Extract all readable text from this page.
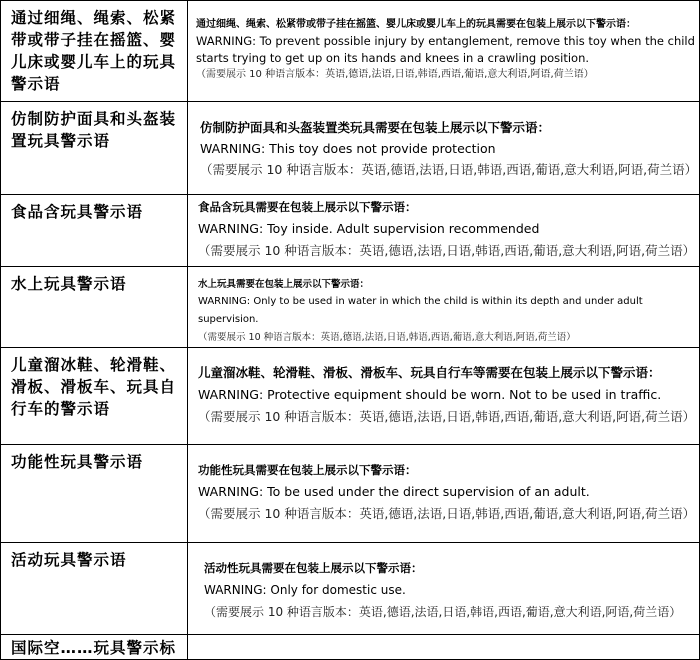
通过细绳、绳索、松紧带或带子挂在摇篮、婴儿床或婴儿车上的玩具警示语	通过细绳、绳索、松紧带或带子挂在摇篮、婴儿床或婴儿车上的玩具需要在包装上展示以下警示语：
WARNING: To prevent possible injury by entanglement, remove this toy when the child starts trying to get up on its hands and knees in a crawling position.
（需要展示 10 种语言版本：英语,德语,法语,日语,韩语,西语,葡语,意大利语,阿语,荷兰语）

仿制防护面具和头盔装置玩具警示语	仿制防护面具和头盔装置类玩具需要在包装上展示以下警示语：
WARNING: This toy does not provide protection
（需要展示 10 种语言版本：英语,德语,法语,日语,韩语,西语,葡语,意大利语,阿语,荷兰语）

食品含玩具警示语	食品含玩具需要在包装上展示以下警示语：
WARNING: Toy inside. Adult supervision recommended
（需要展示 10 种语言版本：英语,德语,法语,日语,韩语,西语,葡语,意大利语,阿语,荷兰语）

水上玩具警示语	水上玩具需要在包装上展示以下警示语：
WARNING: Only to be used in water in which the child is within its depth and under adult supervision.
（需要展示 10 种语言版本：英语,德语,法语,日语,韩语,西语,葡语,意大利语,阿语,荷兰语）

儿童溜冰鞋、轮滑鞋、滑板、滑板车、玩具自行车的警示语	儿童溜冰鞋、轮滑鞋、滑板、滑板车、玩具自行车等需要在包装上展示以下警示语：
WARNING: Protective equipment should be worn. Not to be used in traffic.
（需要展示 10 种语言版本：英语,德语,法语,日语,韩语,西语,葡语,意大利语,阿语,荷兰语）

功能性玩具警示语	功能性玩具需要在包装上展示以下警示语：
WARNING: To be used under the direct supervision of an adult.
（需要展示 10 种语言版本：英语,德语,法语,日语,韩语,西语,葡语,意大利语,阿语,荷兰语）

活动玩具警示语	活动性玩具需要在包装上展示以下警示语：
WARNING: Only for domestic use.
（需要展示 10 种语言版本：英语,德语,法语,日语,韩语,西语,葡语,意大利语,阿语,荷兰语）

国际空……玩具警示标	
